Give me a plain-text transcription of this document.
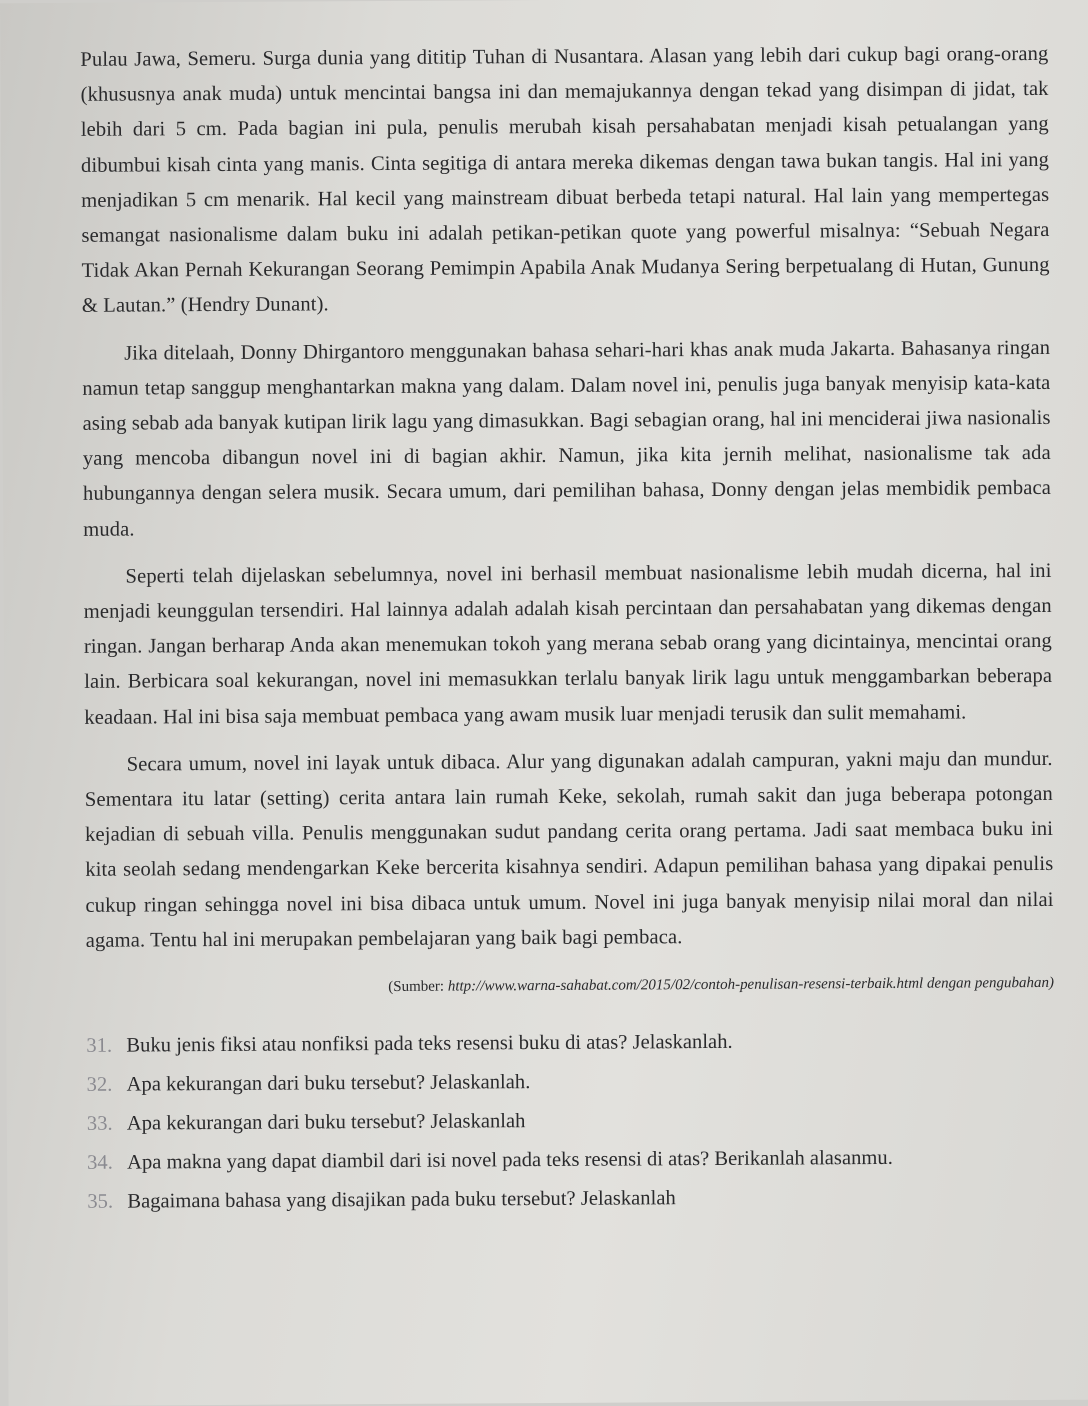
Pulau Jawa, Semeru. Surga dunia yang dititip Tuhan di Nusantara. Alasan yang lebih dari cukup bagi orang-orang (khususnya anak muda) untuk mencintai bangsa ini dan memajukannya dengan tekad yang disimpan di jidat, tak lebih dari 5 cm. Pada bagian ini pula, penulis merubah kisah persahabatan menjadi kisah petualangan yang dibumbui kisah cinta yang manis. Cinta segitiga di antara mereka dikemas dengan tawa bukan tangis. Hal ini yang menjadikan 5 cm menarik. Hal kecil yang mainstream dibuat berbeda tetapi natural. Hal lain yang mempertegas semangat nasionalisme dalam buku ini adalah petikan-petikan quote yang powerful misalnya: “Sebuah Negara Tidak Akan Pernah Kekurangan Seorang Pemimpin Apabila Anak Mudanya Sering berpetualang di Hutan, Gunung & Lautan.” (Hendry Dunant).

Jika ditelaah, Donny Dhirgantoro menggunakan bahasa sehari-hari khas anak muda Jakarta. Bahasanya ringan namun tetap sanggup menghantarkan makna yang dalam. Dalam novel ini, penulis juga banyak menyisip kata-kata asing sebab ada banyak kutipan lirik lagu yang dimasukkan. Bagi sebagian orang, hal ini menciderai jiwa nasionalis yang mencoba dibangun novel ini di bagian akhir. Namun, jika kita jernih melihat, nasionalisme tak ada hubungannya dengan selera musik. Secara umum, dari pemilihan bahasa, Donny dengan jelas membidik pembaca muda.

Seperti telah dijelaskan sebelumnya, novel ini berhasil membuat nasionalisme lebih mudah dicerna, hal ini menjadi keunggulan tersendiri. Hal lainnya adalah adalah kisah percintaan dan persahabatan yang dikemas dengan ringan. Jangan berharap Anda akan menemukan tokoh yang merana sebab orang yang dicintainya, mencintai orang lain. Berbicara soal kekurangan, novel ini memasukkan terlalu banyak lirik lagu untuk menggambarkan beberapa keadaan. Hal ini bisa saja membuat pembaca yang awam musik luar menjadi terusik dan sulit memahami.

Secara umum, novel ini layak untuk dibaca. Alur yang digunakan adalah campuran, yakni maju dan mundur. Sementara itu latar (setting) cerita antara lain rumah Keke, sekolah, rumah sakit dan juga beberapa potongan kejadian di sebuah villa. Penulis menggunakan sudut pandang cerita orang pertama. Jadi saat membaca buku ini kita seolah sedang mendengarkan Keke bercerita kisahnya sendiri. Adapun pemilihan bahasa yang dipakai penulis cukup ringan sehingga novel ini bisa dibaca untuk umum. Novel ini juga banyak menyisip nilai moral dan nilai agama. Tentu hal ini merupakan pembelajaran yang baik bagi pembaca.

(Sumber: http://www.warna-sahabat.com/2015/02/contoh-penulisan-resensi-terbaik.html dengan pengubahan)
31. Buku jenis fiksi atau nonfiksi pada teks resensi buku di atas? Jelaskanlah.
32. Apa kekurangan dari buku tersebut? Jelaskanlah.
33. Apa kekurangan dari buku tersebut? Jelaskanlah
34. Apa makna yang dapat diambil dari isi novel pada teks resensi di atas? Berikanlah alasanmu.
35. Bagaimana bahasa yang disajikan pada buku tersebut? Jelaskanlah
